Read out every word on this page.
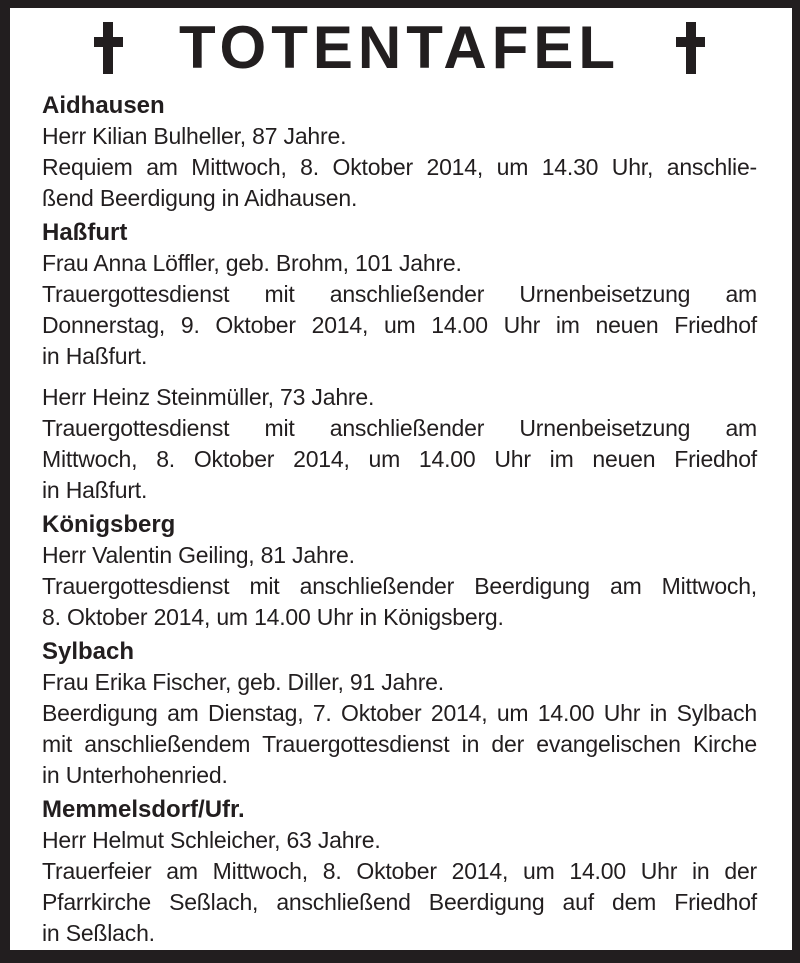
TOTENTAFEL
Aidhausen
Herr Kilian Bulheller, 87 Jahre.
Requiem am Mittwoch, 8. Oktober 2014, um 14.30 Uhr, anschlie-
ßend Beerdigung in Aidhausen.
Haßfurt
Frau Anna Löffler, geb. Brohm, 101 Jahre.
Trauergottesdienst mit anschließender Urnenbeisetzung am
Donnerstag, 9. Oktober 2014, um 14.00 Uhr im neuen Friedhof
in Haßfurt.
Herr Heinz Steinmüller, 73 Jahre.
Trauergottesdienst mit anschließender Urnenbeisetzung am
Mittwoch, 8. Oktober 2014, um 14.00 Uhr im neuen Friedhof
in Haßfurt.
Königsberg
Herr Valentin Geiling, 81 Jahre.
Trauergottesdienst mit anschließender Beerdigung am Mittwoch,
8. Oktober 2014, um 14.00 Uhr in Königsberg.
Sylbach
Frau Erika Fischer, geb. Diller, 91 Jahre.
Beerdigung am Dienstag, 7. Oktober 2014, um 14.00 Uhr in Sylbach
mit anschließendem Trauergottesdienst in der evangelischen Kirche
in Unterhohenried.
Memmelsdorf/Ufr.
Herr Helmut Schleicher, 63 Jahre.
Trauerfeier am Mittwoch, 8. Oktober 2014, um 14.00 Uhr in der
Pfarrkirche Seßlach, anschließend Beerdigung auf dem Friedhof
in Seßlach.
